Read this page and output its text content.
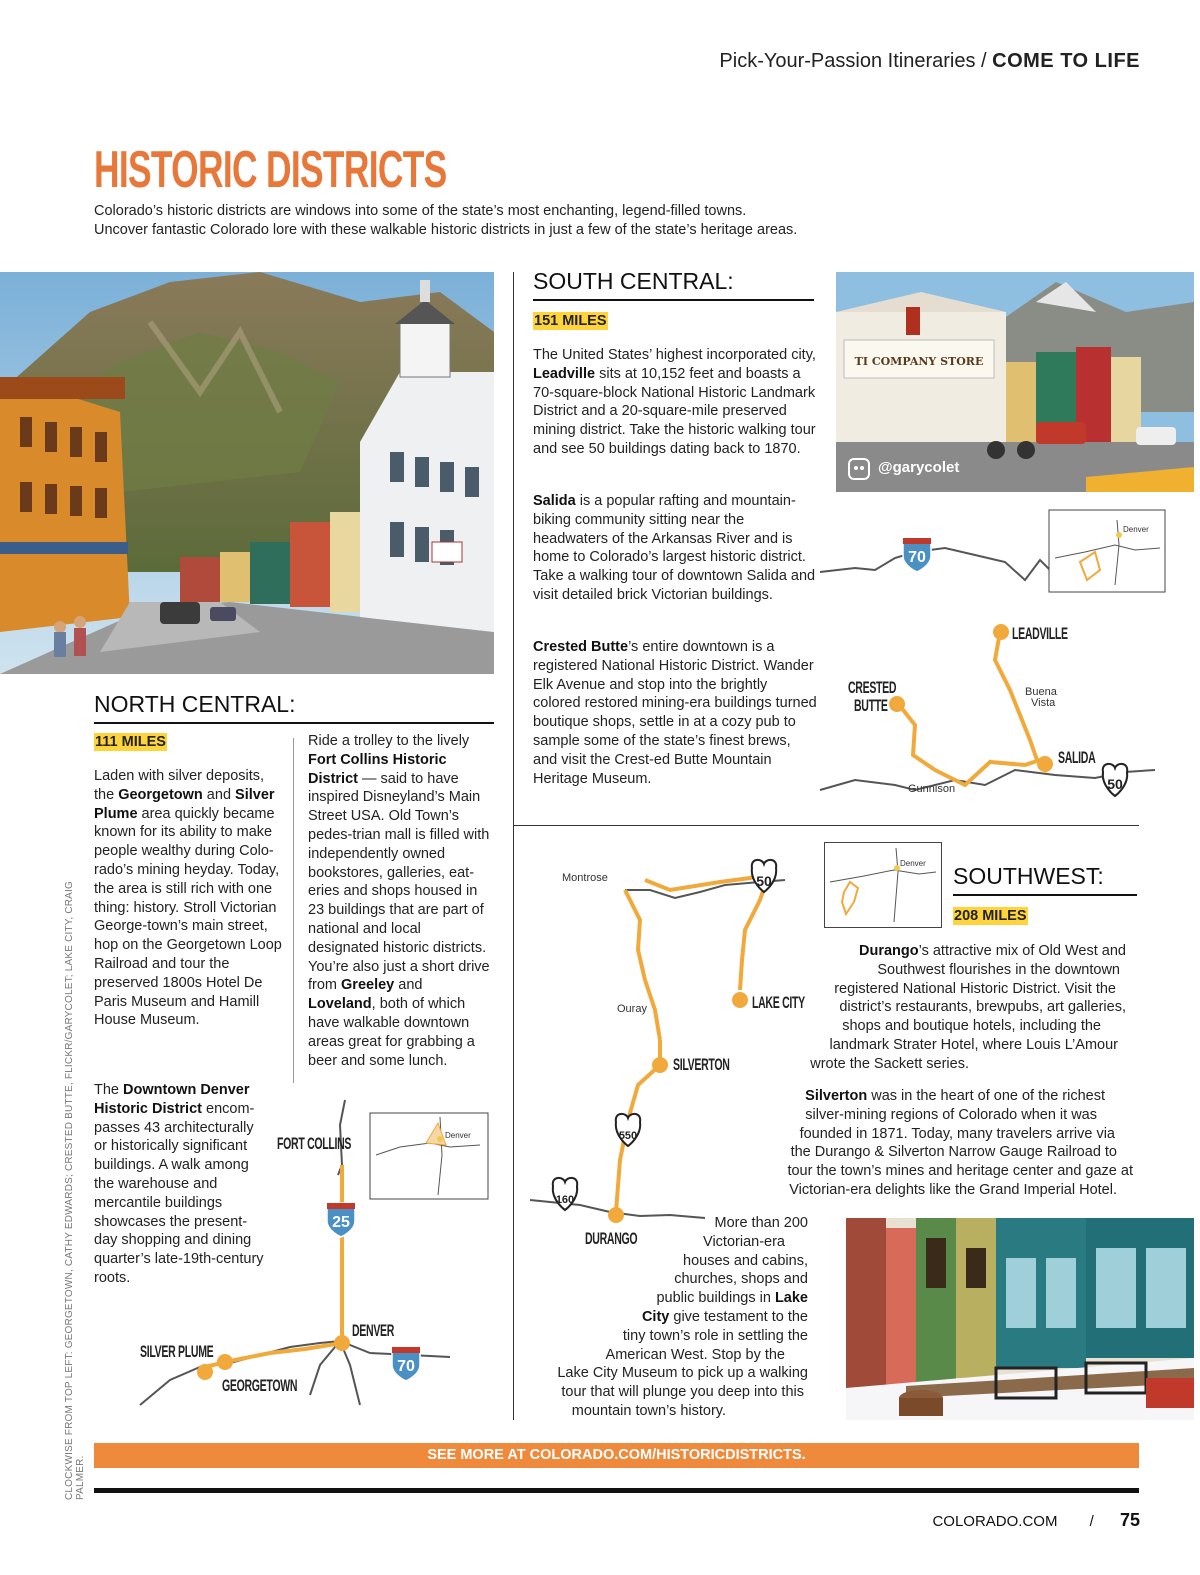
Pick-Your-Passion Itineraries / COME TO LIFE
HISTORIC DISTRICTS
Colorado’s historic districts are windows into some of the state’s most enchanting, legend-filled towns.
Uncover fantastic Colorado lore with these walkable historic districts in just a few of the state’s heritage areas.
SOUTH CENTRAL:
151 MILES
The United States’ highest incorporated city, Leadville sits at 10,152 feet and boasts a 70-square-block National Historic Landmark District and a 20-square-mile preserved mining district. Take the historic walking tour and see 50 buildings dating back to 1870.
Salida is a popular rafting and mountain-biking community sitting near the headwaters of the Arkansas River and is home to Colorado’s largest historic district. Take a walking tour of downtown Salida and visit detailed brick Victorian buildings.
Crested Butte’s entire downtown is a registered National Historic District. Wander Elk Avenue and stop into the brightly colored restored mining-era buildings turned boutique shops, settle in at a cozy pub to sample some of the state’s finest brews, and visit the Crest-ed Butte Mountain Heritage Museum.
TI COMPANY STORE
@garycolet
Denver
70
50
Buena
Vista
Gunnison
LEADVILLE
CRESTED
BUTTE
SALIDA
NORTH CENTRAL:
111 MILES
Laden with silver deposits, the Georgetown and Silver Plume area quickly became known for its ability to make people wealthy during Colo-rado’s mining heyday. Today, the area is still rich with one thing: history. Stroll Victorian George-town’s main street, hop on the Georgetown Loop Railroad and tour the preserved 1800s Hotel De Paris Museum and Hamill House Museum.
The Downtown Denver Historic District encom-passes 43 architecturally or historically significant buildings. A walk among the warehouse and mercantile buildings showcases the present-day shopping and dining quarter’s late-19th-century roots.
Ride a trolley to the lively Fort Collins Historic District — said to have inspired Disneyland’s Main Street USA. Old Town’s pedes-trian mall is filled with independently owned bookstores, galleries, eat-eries and shops housed in 23 buildings that are part of national and local designated historic districts. You’re also just a short drive from Greeley and Loveland, both of which have walkable downtown areas great for grabbing a beer and some lunch.
Denver
25
70
FORT COLLINS
DENVER
SILVER PLUME
GEORGETOWN
SOUTHWEST:
208 MILES
Denver
Durango’s attractive mix of Old West and
Southwest flourishes in the downtown
registered National Historic District. Visit the
district’s restaurants, brewpubs, art galleries,
shops and boutique hotels, including the
landmark Strater Hotel, where Louis L’Amour
wrote the Sackett series.
Silverton was in the heart of one of the richest
silver-mining regions of Colorado when it was
founded in 1871. Today, many travelers arrive via
the Durango & Silverton Narrow Gauge Railroad to
tour the town’s mines and heritage center and gaze at
Victorian-era delights like the Grand Imperial Hotel.
More than 200
Victorian-era
houses and cabins,
churches, shops and
public buildings in Lake
City give testament to the
tiny town’s role in settling the
American West. Stop by the
Lake City Museum to pick up a walking
tour that will plunge you deep into this
mountain town’s history.
50
550
160
Montrose
Ouray
SILVERTON
LAKE CITY
DURANGO
SEE MORE AT COLORADO.COM/HISTORICDISTRICTS.
COLORADO.COM / 75
CLOCKWISE FROM TOP LEFT: GEORGETOWN, CATHY EDWARDS; CRESTED BUTTE, FLICKR/GARYCOLET; LAKE CITY, CRAIG PALMER.
